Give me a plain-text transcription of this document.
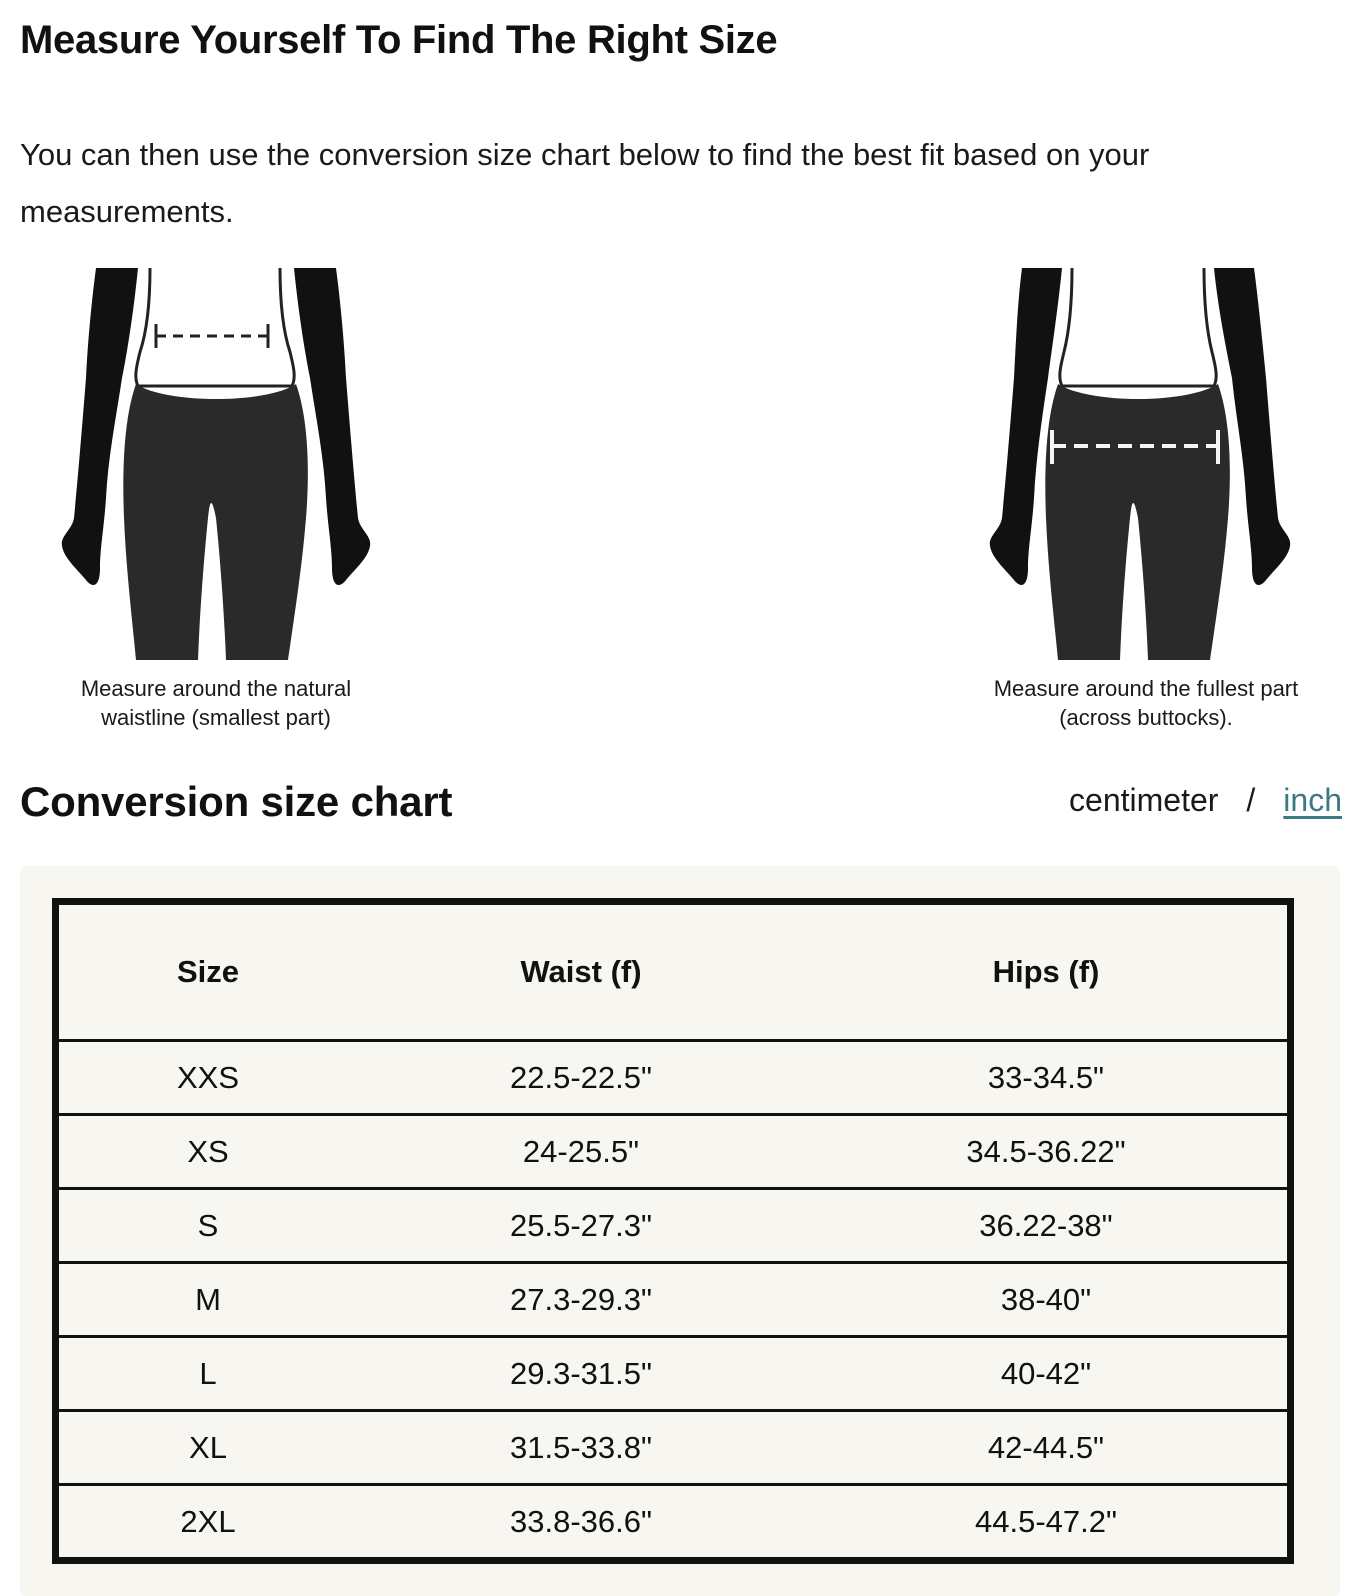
Measure Yourself To Find The Right Size

You can then use the conversion size chart below to find the best fit based on your measurements.

Measure around the natural
waistline (smallest part)
Measure around the fullest part
(across buttocks).
Conversion size chart	centimeter / inch
Size	Waist (f)	Hips (f)
XXS	22.5-22.5"	33-34.5"
XS	24-25.5"	34.5-36.22"
S	25.5-27.3"	36.22-38"
M	27.3-29.3"	38-40"
L	29.3-31.5"	40-42"
XL	31.5-33.8"	42-44.5"
2XL	33.8-36.6"	44.5-47.2"
